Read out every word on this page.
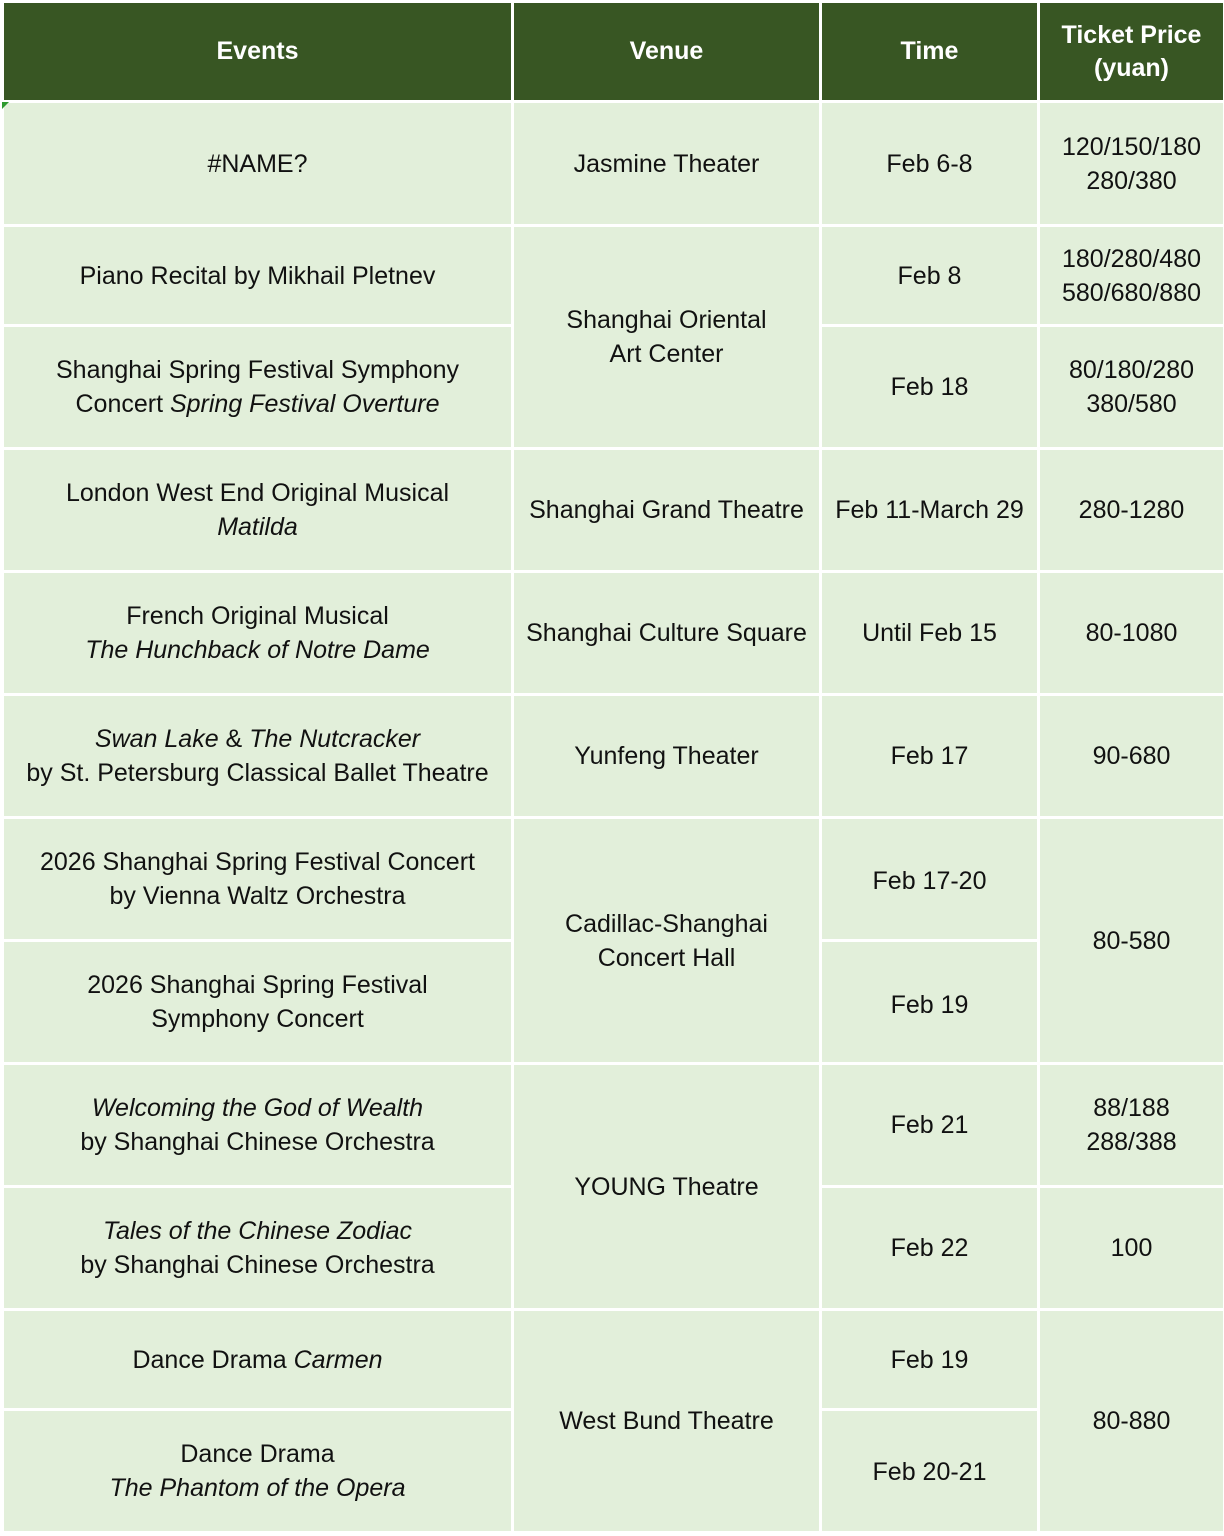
Events	Venue	Time	Ticket Price
(yuan)
#NAME?	Jasmine Theater	Feb 6-8	120/150/180
280/380
Piano Recital by Mikhail Pletnev	Shanghai Oriental
Art Center	Feb 8	180/280/480
580/680/880
Shanghai Spring Festival Symphony
Concert Spring Festival Overture		Feb 18	80/180/280
380/580
London West End Original Musical
Matilda	Shanghai Grand Theatre	Feb 11-March 29	280-1280
French Original Musical
The Hunchback of Notre Dame	Shanghai Culture Square	Until Feb 15	80-1080
Swan Lake & The Nutcracker
by St. Petersburg Classical Ballet Theatre	Yunfeng Theater	Feb 17	90-680
2026 Shanghai Spring Festival Concert
by Vienna Waltz Orchestra	Cadillac-Shanghai
Concert Hall	Feb 17-20	80-580
2026 Shanghai Spring Festival
Symphony Concert		Feb 19	
Welcoming the God of Wealth
by Shanghai Chinese Orchestra	YOUNG Theatre	Feb 21	88/188
288/388
Tales of the Chinese Zodiac
by Shanghai Chinese Orchestra		Feb 22	100
Dance Drama Carmen	West Bund Theatre	Feb 19	80-880
Dance Drama
The Phantom of the Opera		Feb 20-21	
